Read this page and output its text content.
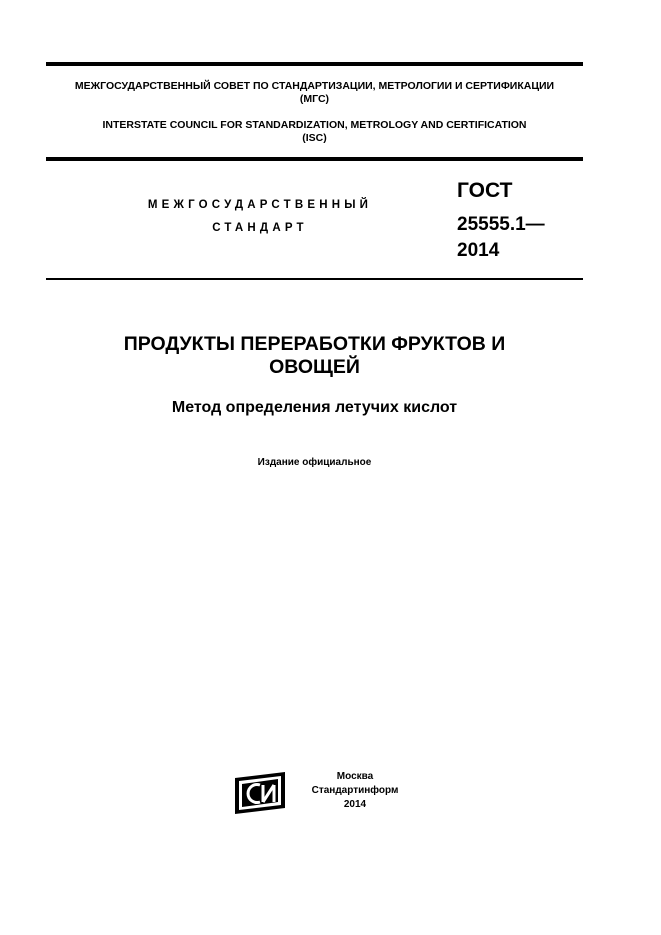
МЕЖГОСУДАРСТВЕННЫЙ СОВЕТ ПО СТАНДАРТИЗАЦИИ, МЕТРОЛОГИИ И СЕРТИФИКАЦИИ
(МГС)
INTERSTATE COUNCIL FOR STANDARDIZATION, METROLOGY AND CERTIFICATION
(ISC)
МЕЖГОСУДАРСТВЕННЫЙ
СТАНДАРТ
ГОСТ
25555.1—
2014
ПРОДУКТЫ ПЕРЕРАБОТКИ ФРУКТОВ И
ОВОЩЕЙ
Метод определения летучих кислот
Издание официальное
Москва
Стандартинформ
2014
